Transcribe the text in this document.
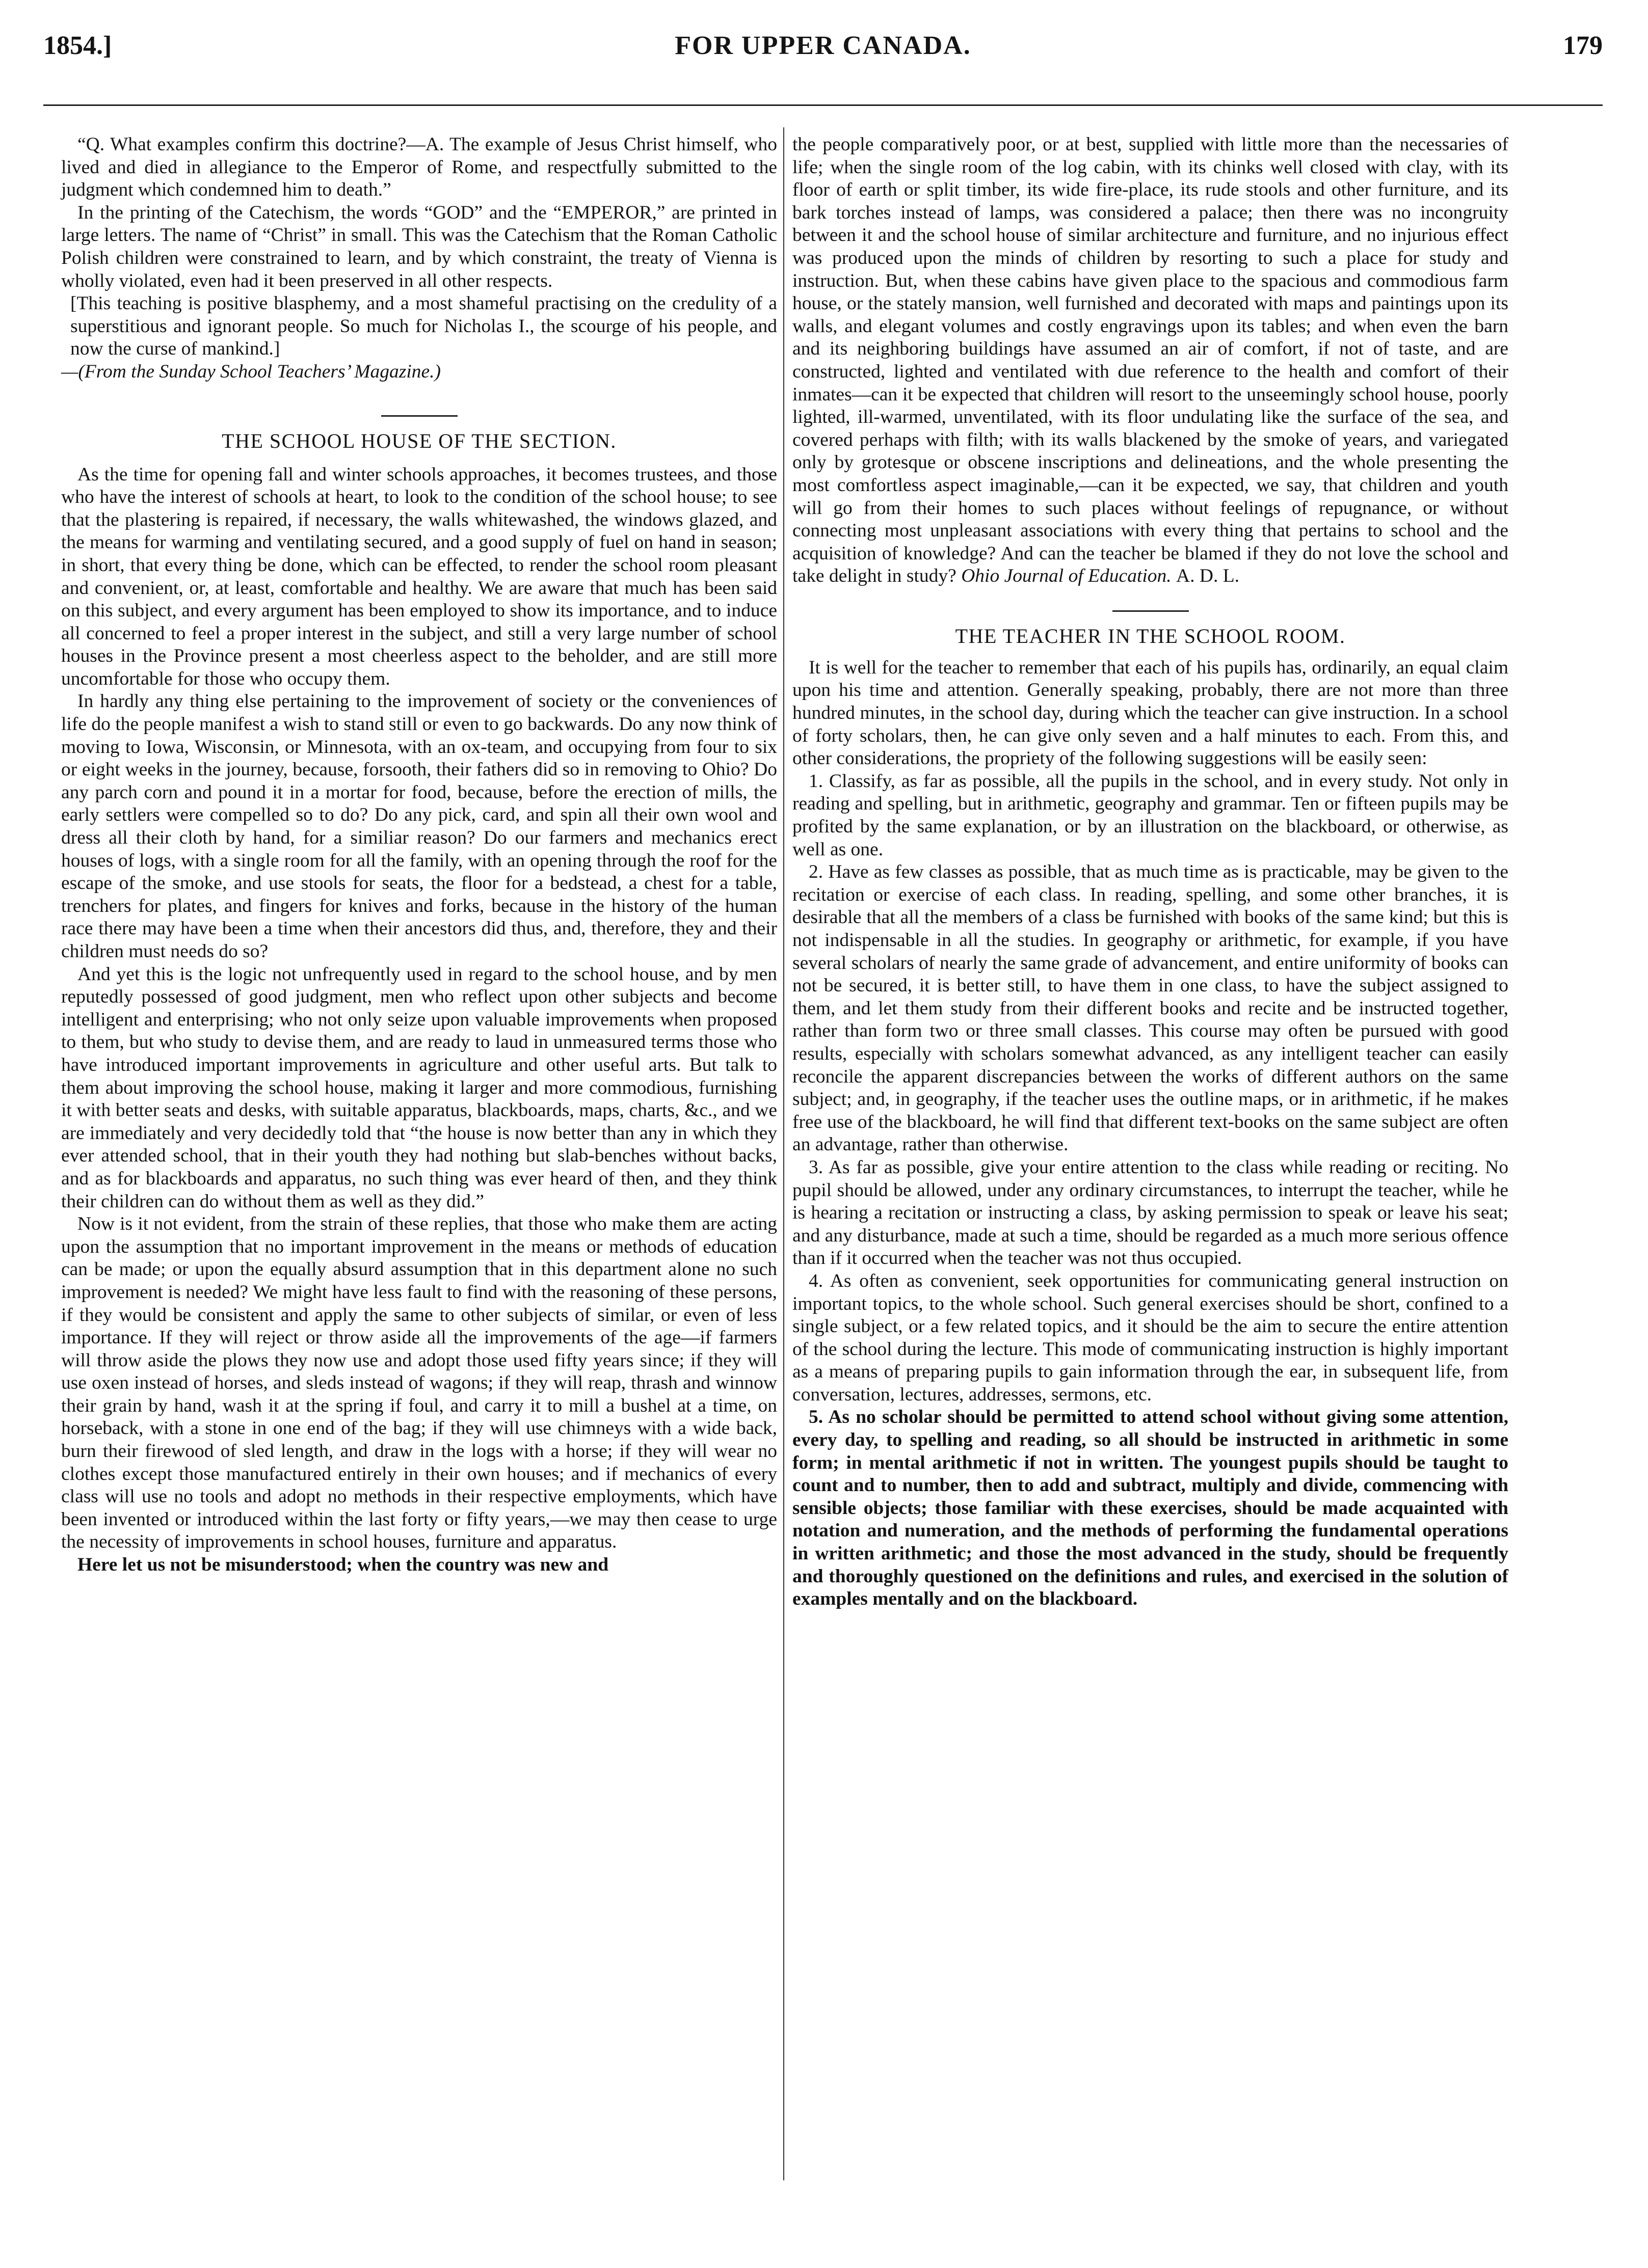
1854.]	FOR UPPER CANADA.	179

“Q. What examples confirm this doctrine?—A. The example of Jesus Christ himself, who lived and died in allegiance to the Emperor of Rome, and respectfully submitted to the judgment which condemned him to death.”

In the printing of the Catechism, the words “GOD” and the “EMPEROR,” are printed in large letters. The name of “Christ” in small. This was the Catechism that the Roman Catholic Polish children were constrained to learn, and by which constraint, the treaty of Vienna is wholly violated, even had it been preserved in all other respects.

[This teaching is positive blasphemy, and a most shameful practising on the credulity of a superstitious and ignorant people. So much for Nicholas I., the scourge of his people, and now the curse of mankind.]

—(From the Sunday School Teachers’ Magazine.)

THE SCHOOL HOUSE OF THE SECTION.

As the time for opening fall and winter schools approaches, it becomes trustees, and those who have the interest of schools at heart, to look to the condition of the school house; to see that the plastering is repaired, if necessary, the walls whitewashed, the windows glazed, and the means for warming and ventilating secured, and a good supply of fuel on hand in season; in short, that every thing be done, which can be effected, to render the school room pleasant and convenient, or, at least, comfortable and healthy. We are aware that much has been said on this subject, and every argument has been employed to show its importance, and to induce all concerned to feel a proper interest in the subject, and still a very large number of school houses in the Province present a most cheerless aspect to the beholder, and are still more uncomfortable for those who occupy them.

In hardly any thing else pertaining to the improvement of society or the conveniences of life do the people manifest a wish to stand still or even to go backwards. Do any now think of moving to Iowa, Wisconsin, or Minnesota, with an ox-team, and occupying from four to six or eight weeks in the journey, because, forsooth, their fathers did so in removing to Ohio? Do any parch corn and pound it in a mortar for food, because, before the erection of mills, the early settlers were compelled so to do? Do any pick, card, and spin all their own wool and dress all their cloth by hand, for a similiar reason? Do our farmers and mechanics erect houses of logs, with a single room for all the family, with an opening through the roof for the escape of the smoke, and use stools for seats, the floor for a bedstead, a chest for a table, trenchers for plates, and fingers for knives and forks, because in the history of the human race there may have been a time when their ancestors did thus, and, therefore, they and their children must needs do so?

And yet this is the logic not unfrequently used in regard to the school house, and by men reputedly possessed of good judgment, men who reflect upon other subjects and become intelligent and enterprising; who not only seize upon valuable improvements when proposed to them, but who study to devise them, and are ready to laud in unmeasured terms those who have introduced important improvements in agriculture and other useful arts. But talk to them about improving the school house, making it larger and more commodious, furnishing it with better seats and desks, with suitable apparatus, blackboards, maps, charts, &c., and we are immediately and very decidedly told that “the house is now better than any in which they ever attended school, that in their youth they had nothing but slab-benches without backs, and as for blackboards and apparatus, no such thing was ever heard of then, and they think their children can do without them as well as they did.”

Now is it not evident, from the strain of these replies, that those who make them are acting upon the assumption that no important improvement in the means or methods of education can be made; or upon the equally absurd assumption that in this department alone no such improvement is needed? We might have less fault to find with the reasoning of these persons, if they would be consistent and apply the same to other subjects of similar, or even of less importance. If they will reject or throw aside all the improvements of the age—if farmers will throw aside the plows they now use and adopt those used fifty years since; if they will use oxen instead of horses, and sleds instead of wagons; if they will reap, thrash and winnow their grain by hand, wash it at the spring if foul, and carry it to mill a bushel at a time, on horseback, with a stone in one end of the bag; if they will use chimneys with a wide back, burn their firewood of sled length, and draw in the logs with a horse; if they will wear no clothes except those manufactured entirely in their own houses; and if mechanics of every class will use no tools and adopt no methods in their respective employments, which have been invented or introduced within the last forty or fifty years,—we may then cease to urge the necessity of improvements in school houses, furniture and apparatus.

Here let us not be misunderstood; when the country was new and

the people comparatively poor, or at best, supplied with little more than the necessaries of life; when the single room of the log cabin, with its chinks well closed with clay, with its floor of earth or split timber, its wide fire-place, its rude stools and other furniture, and its bark torches instead of lamps, was considered a palace; then there was no incongruity between it and the school house of similar architecture and furniture, and no injurious effect was produced upon the minds of children by resorting to such a place for study and instruction. But, when these cabins have given place to the spacious and commodious farm house, or the stately mansion, well furnished and decorated with maps and paintings upon its walls, and elegant volumes and costly engravings upon its tables; and when even the barn and its neighboring buildings have assumed an air of comfort, if not of taste, and are constructed, lighted and ventilated with due reference to the health and comfort of their inmates—can it be expected that children will resort to the unseemingly school house, poorly lighted, ill-warmed, unventilated, with its floor undulating like the surface of the sea, and covered perhaps with filth; with its walls blackened by the smoke of years, and variegated only by grotesque or obscene inscriptions and delineations, and the whole presenting the most comfortless aspect imaginable,—can it be expected, we say, that children and youth will go from their homes to such places without feelings of repugnance, or without connecting most unpleasant associations with every thing that pertains to school and the acquisition of knowledge? And can the teacher be blamed if they do not love the school and take delight in study? Ohio Journal of Education. A. D. L.

THE TEACHER IN THE SCHOOL ROOM.

It is well for the teacher to remember that each of his pupils has, ordinarily, an equal claim upon his time and attention. Generally speaking, probably, there are not more than three hundred minutes, in the school day, during which the teacher can give instruction. In a school of forty scholars, then, he can give only seven and a half minutes to each. From this, and other considerations, the propriety of the following suggestions will be easily seen:

1. Classify, as far as possible, all the pupils in the school, and in every study. Not only in reading and spelling, but in arithmetic, geography and grammar. Ten or fifteen pupils may be profited by the same explanation, or by an illustration on the blackboard, or otherwise, as well as one.

2. Have as few classes as possible, that as much time as is practicable, may be given to the recitation or exercise of each class. In reading, spelling, and some other branches, it is desirable that all the members of a class be furnished with books of the same kind; but this is not indispensable in all the studies. In geography or arithmetic, for example, if you have several scholars of nearly the same grade of advancement, and entire uniformity of books can not be secured, it is better still, to have them in one class, to have the subject assigned to them, and let them study from their different books and recite and be instructed together, rather than form two or three small classes. This course may often be pursued with good results, especially with scholars somewhat advanced, as any intelligent teacher can easily reconcile the apparent discrepancies between the works of different authors on the same subject; and, in geography, if the teacher uses the outline maps, or in arithmetic, if he makes free use of the blackboard, he will find that different text-books on the same subject are often an advantage, rather than otherwise.

3. As far as possible, give your entire attention to the class while reading or reciting. No pupil should be allowed, under any ordinary circumstances, to interrupt the teacher, while he is hearing a recitation or instructing a class, by asking permission to speak or leave his seat; and any disturbance, made at such a time, should be regarded as a much more serious offence than if it occurred when the teacher was not thus occupied.

4. As often as convenient, seek opportunities for communicating general instruction on important topics, to the whole school. Such general exercises should be short, confined to a single subject, or a few related topics, and it should be the aim to secure the entire attention of the school during the lecture. This mode of communicating instruction is highly important as a means of preparing pupils to gain information through the ear, in subsequent life, from conversation, lectures, addresses, sermons, etc.

5. As no scholar should be permitted to attend school without giving some attention, every day, to spelling and reading, so all should be instructed in arithmetic in some form; in mental arithmetic if not in written. The youngest pupils should be taught to count and to number, then to add and subtract, multiply and divide, commencing with sensible objects; those familiar with these exercises, should be made acquainted with notation and numeration, and the methods of performing the fundamental operations in written arithmetic; and those the most advanced in the study, should be frequently and thoroughly questioned on the definitions and rules, and exercised in the solution of examples mentally and on the blackboard.
